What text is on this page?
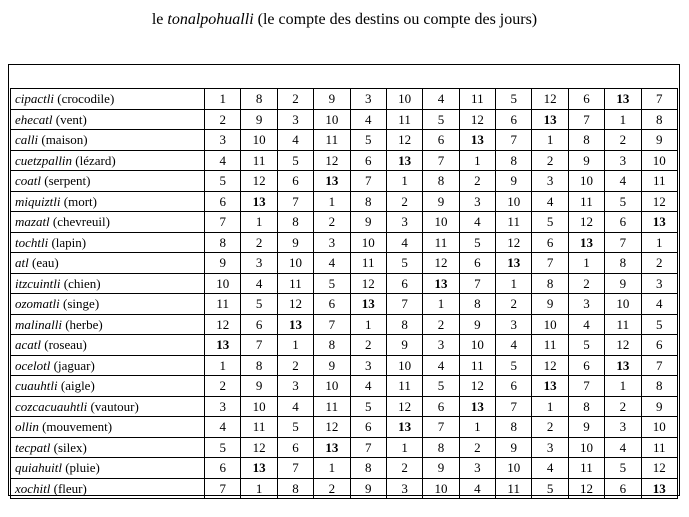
le tonalpohualli (le compte des destins ou compte des jours)
cipactli (crocodile)	1	8	2	9	3	10	4	11	5	12	6	13	7
ehecatl (vent)	2	9	3	10	4	11	5	12	6	13	7	1	8
calli (maison)	3	10	4	11	5	12	6	13	7	1	8	2	9
cuetzpallin (lézard)	4	11	5	12	6	13	7	1	8	2	9	3	10
coatl (serpent)	5	12	6	13	7	1	8	2	9	3	10	4	11
miquiztli (mort)	6	13	7	1	8	2	9	3	10	4	11	5	12
mazatl (chevreuil)	7	1	8	2	9	3	10	4	11	5	12	6	13
tochtli (lapin)	8	2	9	3	10	4	11	5	12	6	13	7	1
atl (eau)	9	3	10	4	11	5	12	6	13	7	1	8	2
itzcuintli (chien)	10	4	11	5	12	6	13	7	1	8	2	9	3
ozomatli (singe)	11	5	12	6	13	7	1	8	2	9	3	10	4
malinalli (herbe)	12	6	13	7	1	8	2	9	3	10	4	11	5
acatl (roseau)	13	7	1	8	2	9	3	10	4	11	5	12	6
ocelotl (jaguar)	1	8	2	9	3	10	4	11	5	12	6	13	7
cuauhtli (aigle)	2	9	3	10	4	11	5	12	6	13	7	1	8
cozcacuauhtli (vautour)	3	10	4	11	5	12	6	13	7	1	8	2	9
ollin (mouvement)	4	11	5	12	6	13	7	1	8	2	9	3	10
tecpatl (silex)	5	12	6	13	7	1	8	2	9	3	10	4	11
quiahuitl (pluie)	6	13	7	1	8	2	9	3	10	4	11	5	12
xochitl (fleur)	7	1	8	2	9	3	10	4	11	5	12	6	13
